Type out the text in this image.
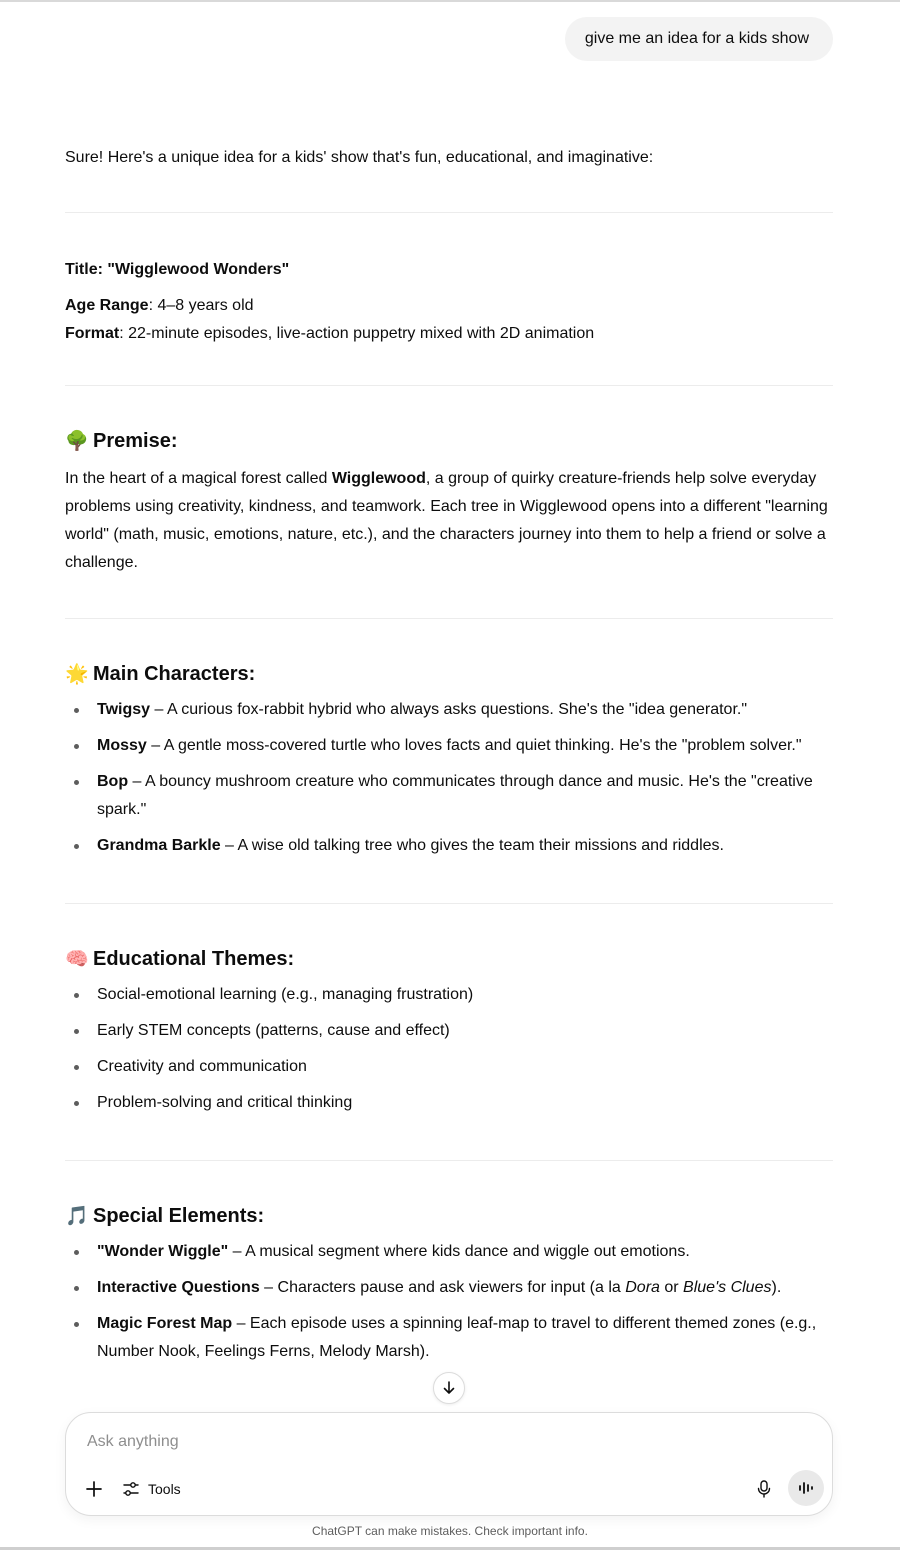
give me an idea for a kids show
Sure! Here's a unique idea for a kids' show that's fun, educational, and imaginative:

Title: "Wigglewood Wonders"

Age Range: 4–8 years old

Format: 22-minute episodes, live-action puppetry mixed with 2D animation

🌳 Premise:
In the heart of a magical forest called Wigglewood, a group of quirky creature-friends help solve everyday problems using creativity, kindness, and teamwork. Each tree in Wigglewood opens into a different "learning world" (math, music, emotions, nature, etc.), and the characters journey into them to help a friend or solve a challenge.
🌟 Main Characters:
Twigsy – A curious fox-rabbit hybrid who always asks questions. She's the "idea generator."
Mossy – A gentle moss-covered turtle who loves facts and quiet thinking. He's the "problem solver."
Bop – A bouncy mushroom creature who communicates through dance and music. He's the "creative spark."
Grandma Barkle – A wise old talking tree who gives the team their missions and riddles.
🧠 Educational Themes:
Social-emotional learning (e.g., managing frustration)
Early STEM concepts (patterns, cause and effect)
Creativity and communication
Problem-solving and critical thinking
🎵 Special Elements:
"Wonder Wiggle" – A musical segment where kids dance and wiggle out emotions.
Interactive Questions – Characters pause and ask viewers for input (a la Dora or Blue's Clues).
Magic Forest Map – Each episode uses a spinning leaf-map to travel to different themed zones (e.g., Number Nook, Feelings Ferns, Melody Marsh).
Ask anything
Tools
ChatGPT can make mistakes. Check important info.
